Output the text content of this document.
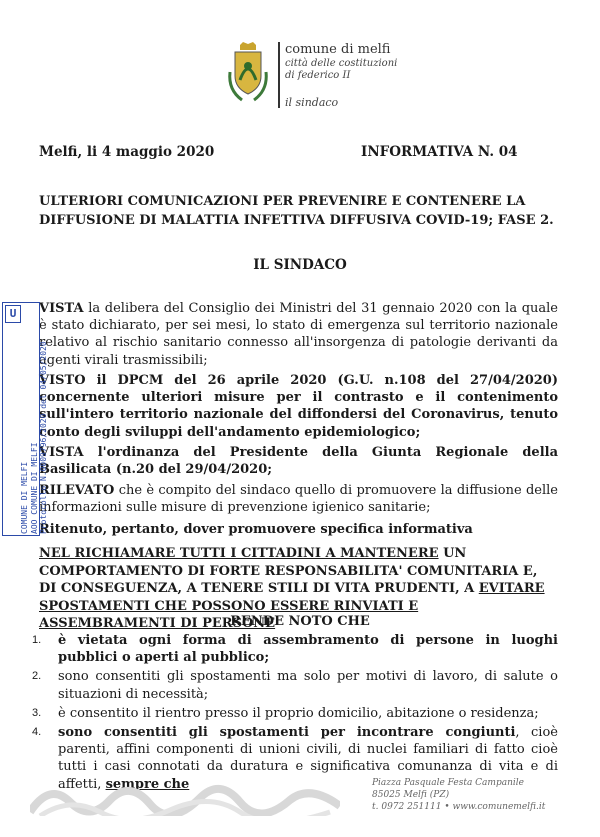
comune di melfi
città delle costituzioni
di federico II
il sindaco
Melfi, li 4 maggio 2020	INFORMATIVA N. 04
ULTERIORI COMUNICAZIONI PER PREVENIRE E CONTENERE LA DIFFUSIONE DI MALATTIA INFETTIVA DIFFUSIVA COVID-19; FASE 2.
IL SINDACO
VISTA la delibera del Consiglio dei Ministri del 31 gennaio 2020 con la quale è stato dichiarato, per sei mesi, lo stato di emergenza sul territorio nazionale relativo al rischio sanitario connesso all'insorgenza di patologie derivanti da agenti virali trasmissibili;
VISTO il DPCM del 26 aprile 2020 (G.U. n.108 del 27/04/2020) concernente ulteriori misure per il contrasto e il contenimento sull'intero territorio nazionale del diffondersi del Coronavirus, tenuto conto degli sviluppi dell'andamento epidemiologico;
VISTA l'ordinanza del Presidente della Giunta Regionale della Basilicata (n.20 del 29/04/2020;
RILEVATO che è compito del sindaco quello di promuovere la diffusione delle informazioni sulle misure di prevenzione igienico sanitarie;
Ritenuto, pertanto, dover promuovere specifica informativa
U
COMUNE DI MELFI AOO COMUNE DI MELFI Protocollo N.0009796/2020 del 04/05/2020
NEL RICHIAMARE TUTTI I CITTADINI A MANTENERE UN COMPORTAMENTO DI FORTE RESPONSABILITA' COMUNITARIA E, DI CONSEGUENZA, A TENERE STILI DI VITA PRUDENTI, A EVITARE SPOSTAMENTI CHE POSSONO ESSERE RINVIATI E ASSEMBRAMENTI DI PERSONE
RENDE NOTO CHE
1. è vietata ogni forma di assembramento di persone in luoghi pubblici o aperti al pubblico;
2. sono consentiti gli spostamenti ma solo per motivi di lavoro, di salute o situazioni di necessità;
3. è consentito il rientro presso il proprio domicilio, abitazione o residenza;
4. sono consentiti gli spostamenti per incontrare congiunti, cioè parenti, affini componenti di unioni civili, di nuclei familiari di fatto cioè tutti i casi connotati da duratura e significativa comunanza di vita e di affetti, sempre che	Piazza Pasquale Festa Campanile
85025 Melfi (PZ)
t. 0972 251111 • www.comunemelfi.it
